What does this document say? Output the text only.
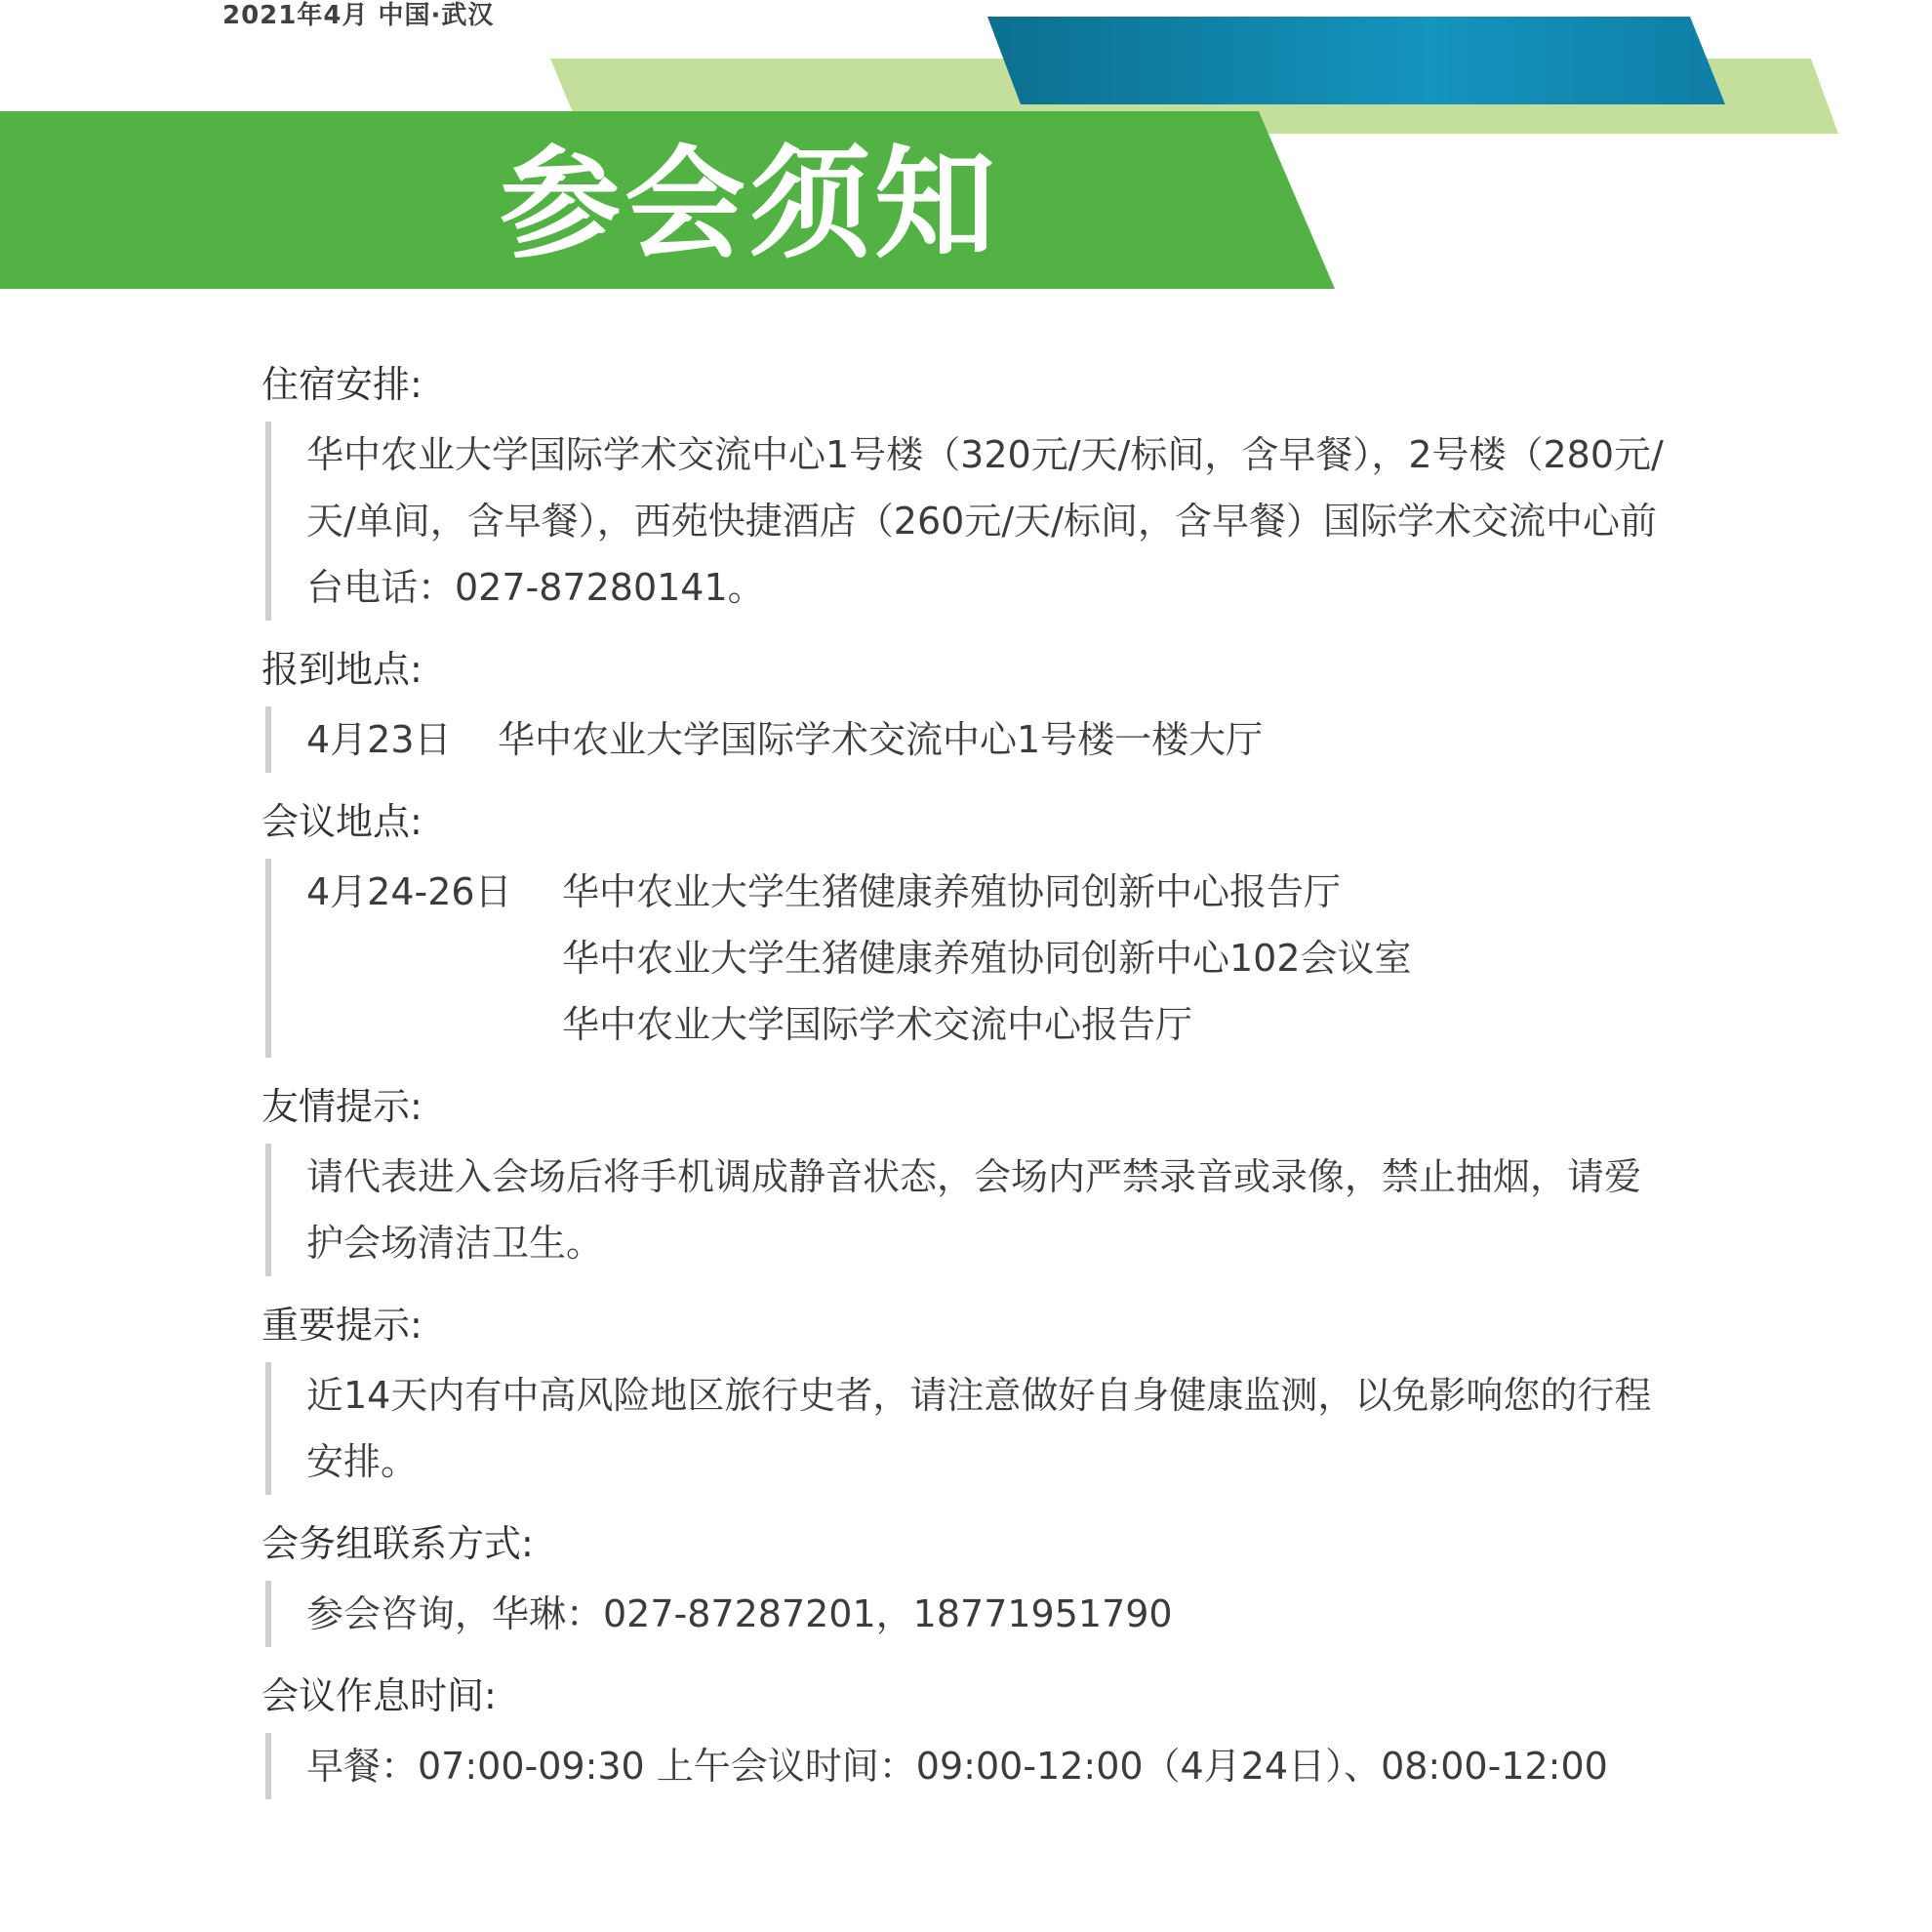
2021年4月 中国·武汉
参会须知
住宿安排:
华中农业大学国际学术交流中心1号楼（320元/天/标间，含早餐），2号楼（280元/天/单间，含早餐），西苑快捷酒店（260元/天/标间，含早餐）国际学术交流中心前台电话：027-87280141。
报到地点:
4月23日	华中农业大学国际学术交流中心1号楼一楼大厅
会议地点:
4月24-26日	华中农业大学生猪健康养殖协同创新中心报告厅
华中农业大学生猪健康养殖协同创新中心102会议室
华中农业大学国际学术交流中心报告厅
友情提示:
请代表进入会场后将手机调成静音状态，会场内严禁录音或录像，禁止抽烟，请爱护会场清洁卫生。
重要提示:
近14天内有中高风险地区旅行史者，请注意做好自身健康监测，以免影响您的行程安排。
会务组联系方式:
参会咨询，华琳：027-87287201，18771951790
会议作息时间:
早餐：07:00-09:30 上午会议时间：09:00-12:00（4月24日）、08:00-12:00
